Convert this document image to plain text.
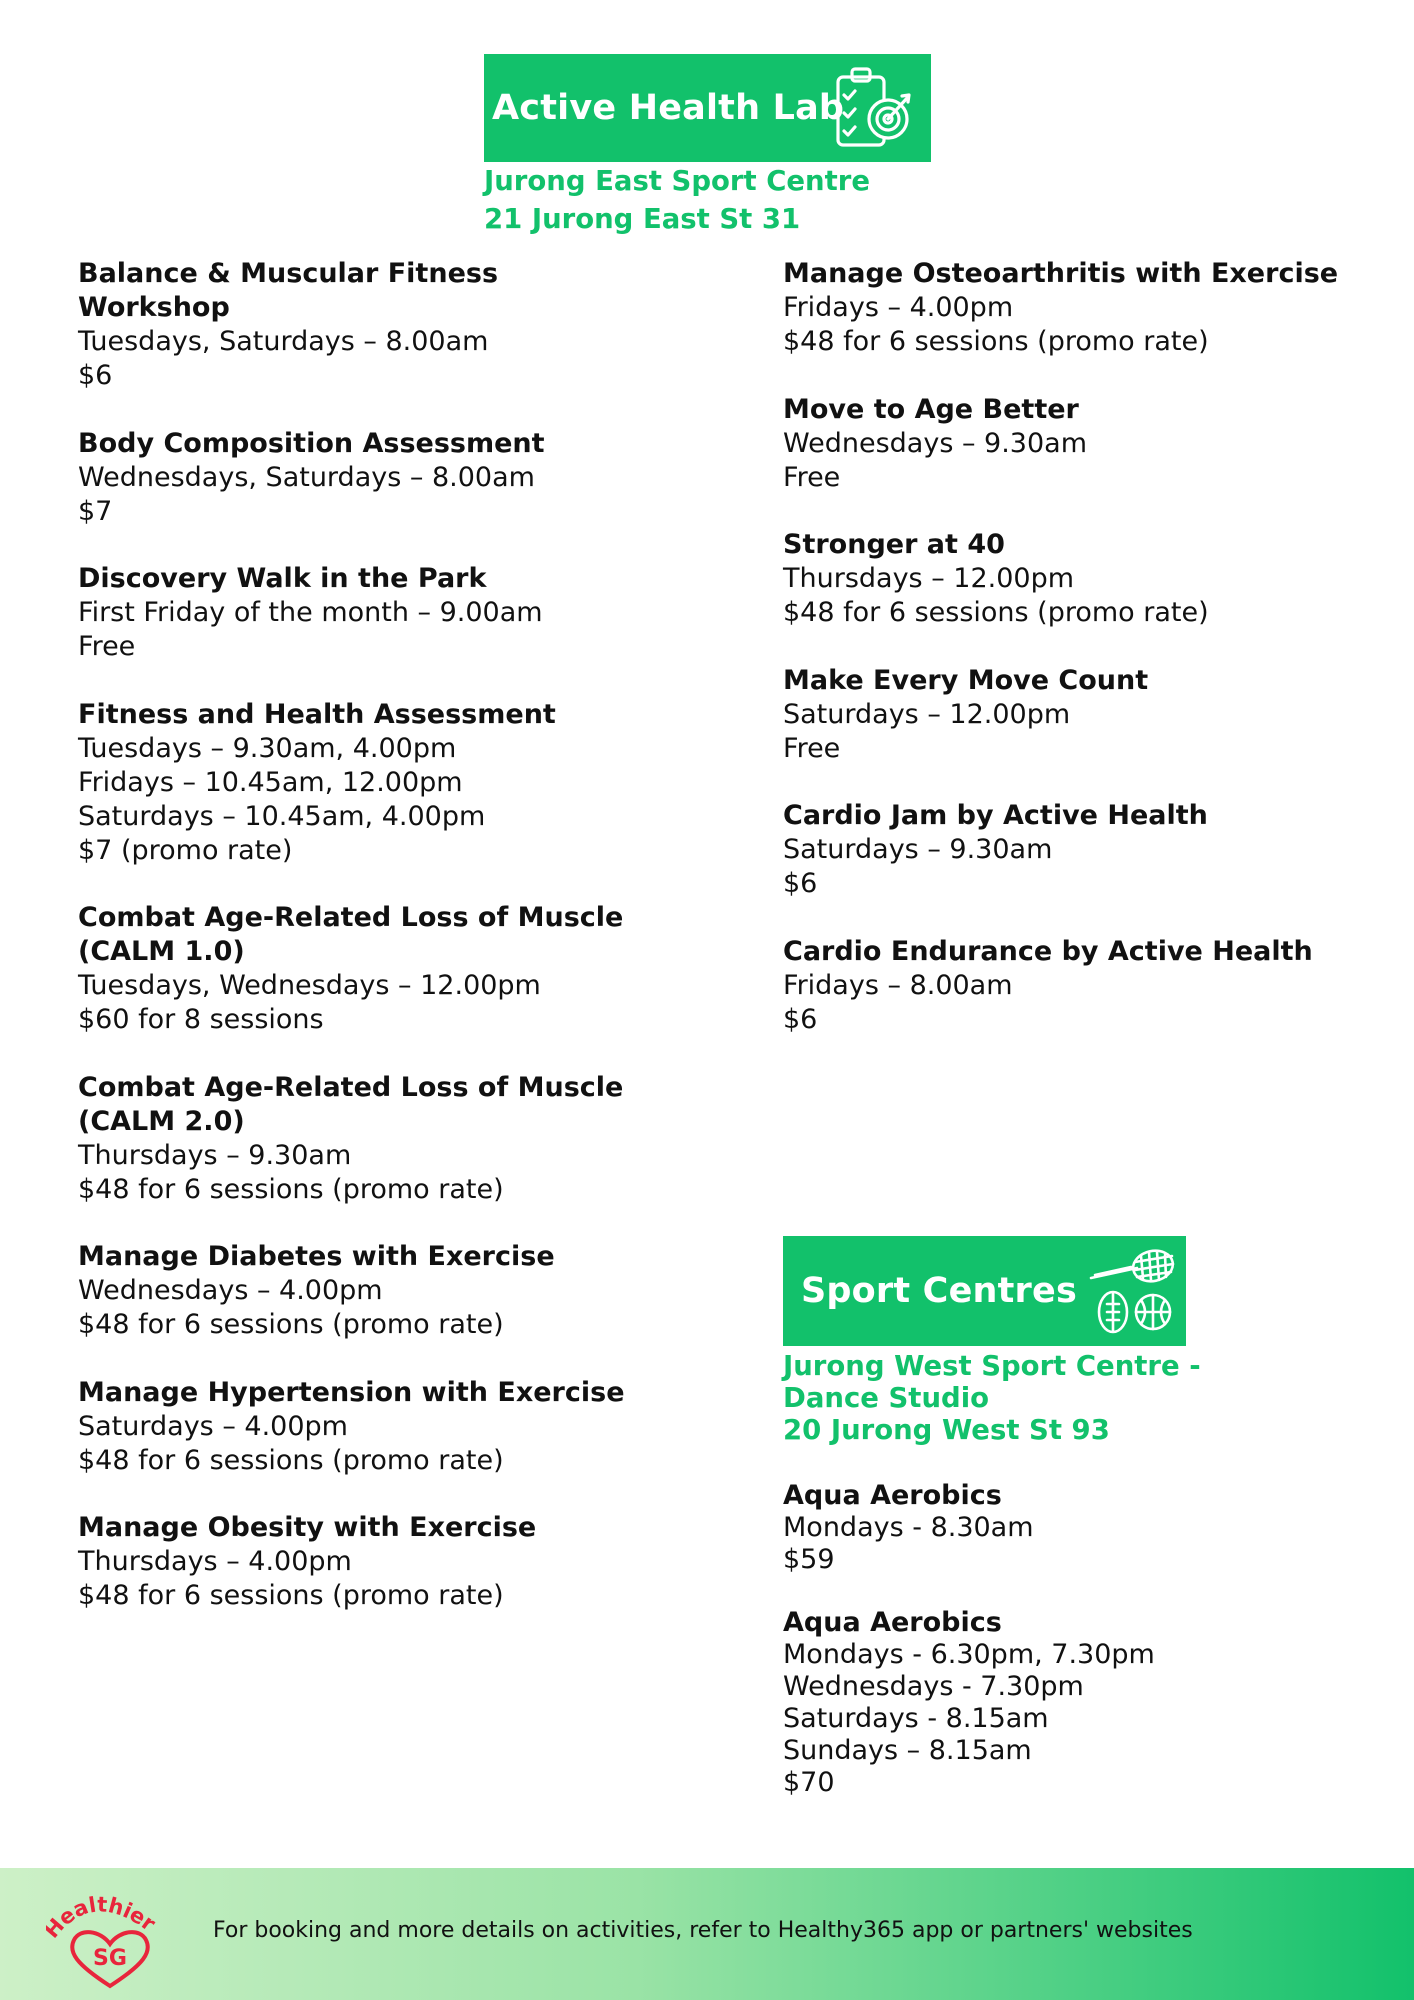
Active Health Lab
Jurong East Sport Centre
21 Jurong East St 31
Balance & Muscular Fitness Workshop
Tuesdays, Saturdays – 8.00am
$6
Body Composition Assessment
Wednesdays, Saturdays – 8.00am
$7
Discovery Walk in the Park
First Friday of the month – 9.00am
Free
Fitness and Health Assessment
Tuesdays – 9.30am, 4.00pm
Fridays – 10.45am, 12.00pm
Saturdays – 10.45am, 4.00pm
$7 (promo rate)
Combat Age-Related Loss of Muscle (CALM 1.0)
Tuesdays, Wednesdays – 12.00pm
$60 for 8 sessions
Combat Age-Related Loss of Muscle (CALM 2.0)
Thursdays – 9.30am
$48 for 6 sessions (promo rate)
Manage Diabetes with Exercise
Wednesdays – 4.00pm
$48 for 6 sessions (promo rate)
Manage Hypertension with Exercise
Saturdays – 4.00pm
$48 for 6 sessions (promo rate)
Manage Obesity with Exercise
Thursdays – 4.00pm
$48 for 6 sessions (promo rate)
Manage Osteoarthritis with Exercise
Fridays – 4.00pm
$48 for 6 sessions (promo rate)
Move to Age Better
Wednesdays – 9.30am
Free
Stronger at 40
Thursdays – 12.00pm
$48 for 6 sessions (promo rate)
Make Every Move Count
Saturdays – 12.00pm
Free
Cardio Jam by Active Health
Saturdays – 9.30am
$6
Cardio Endurance by Active Health
Fridays – 8.00am
$6
Sport Centres
Jurong West Sport Centre -
Dance Studio
20 Jurong West St 93
Aqua Aerobics
Mondays - 8.30am
$59
Aqua Aerobics
Mondays - 6.30pm, 7.30pm
Wednesdays - 7.30pm
Saturdays - 8.15am
Sundays – 8.15am
$70
ealthier
SG
For booking and more details on activities, refer to Healthy365 app or partners' websites
